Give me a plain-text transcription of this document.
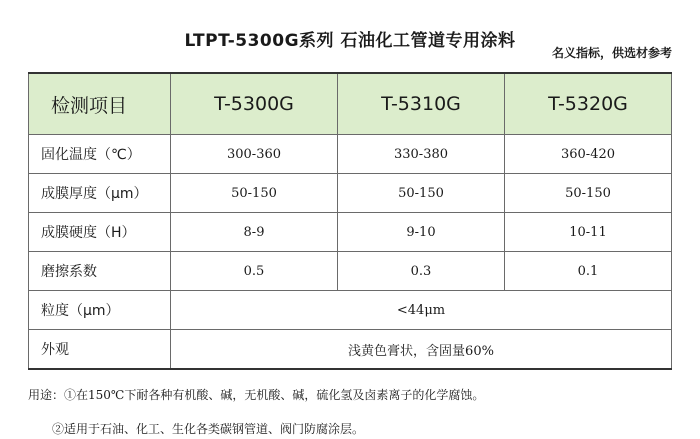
LTPT-5300G系列 石油化工管道专用涂料
名义指标，供选材参考
检测项目	T-5300G	T-5310G	T-5320G
固化温度（℃）	300-360	330-380	360-420
成膜厚度（μm）	50-150	50-150	50-150
成膜硬度（H）	8-9	9-10	10-11
磨擦系数	0.5	0.3	0.1
粒度（μm）	<44μm		
外观	浅黄色膏状，含固量60%		
用途：①在150℃下耐各种有机酸、碱，无机酸、碱，硫化氢及卤素离子的化学腐蚀。
②适用于石油、化工、生化各类碳钢管道、阀门防腐涂层。
